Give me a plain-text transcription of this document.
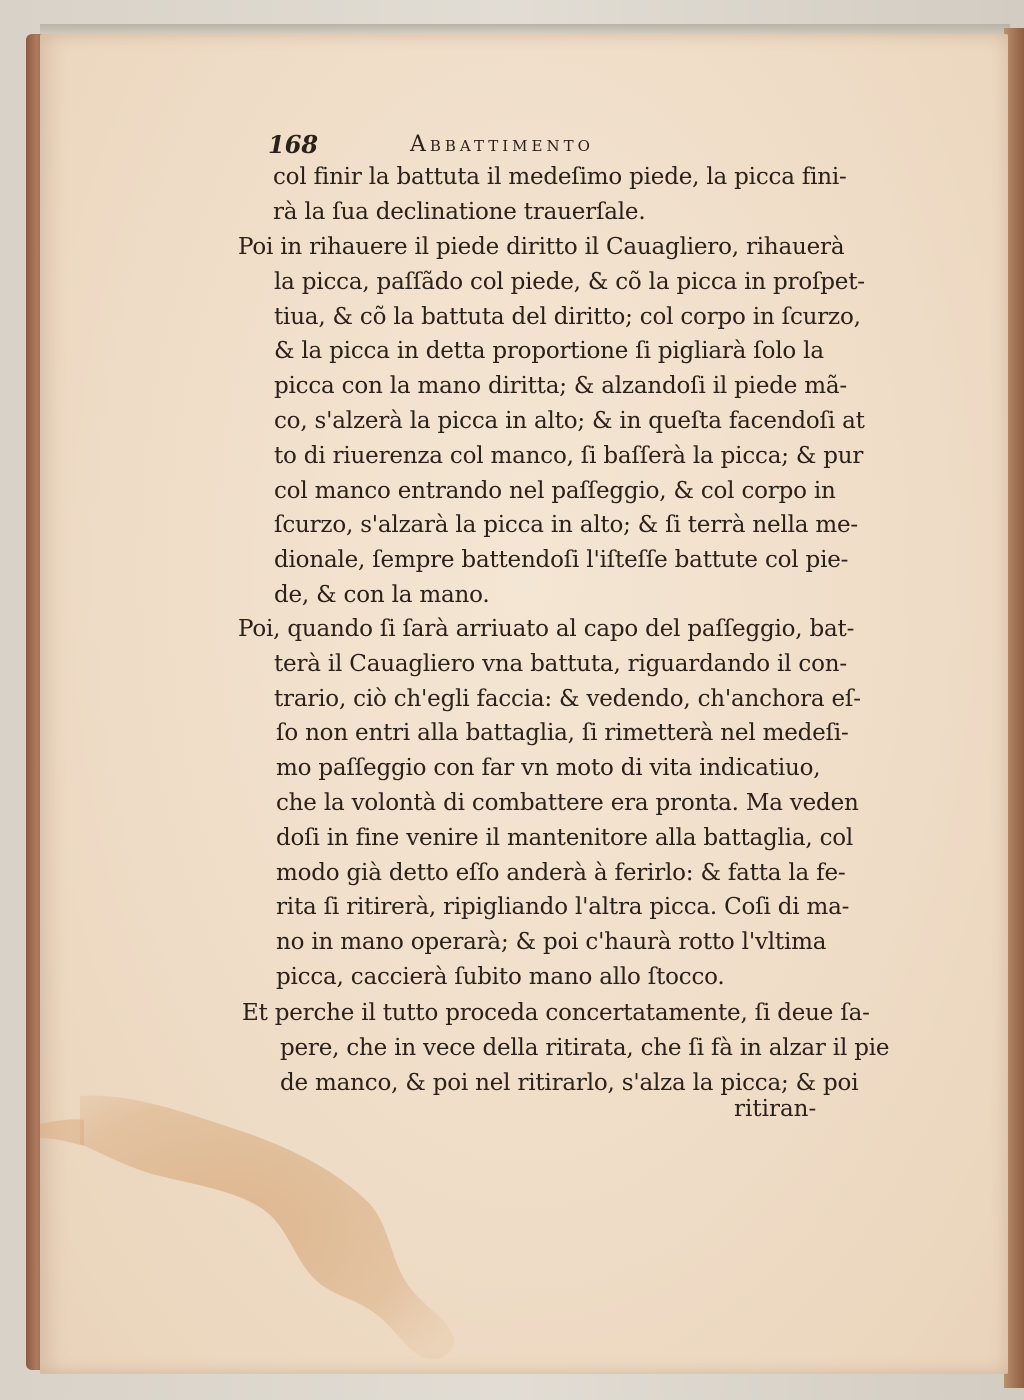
168	Abbattimento
col finir la battuta il medeſimo piede, la picca fini-
rà la ſua declinatione trauerſale.
Poi in rihauere il piede diritto il Cauagliero, rihauerà
la picca, paſſãdo col piede, & cõ la picca in proſpet-
tiua, & cõ la battuta del diritto; col corpo in ſcurzo,
& la picca in detta proportione ſi pigliarà ſolo la
picca con la mano diritta; & alzandoſi il piede mã-
co, s'alzerà la picca in alto; & in queſta facendoſi at
to di riuerenza col manco, ſi baſſerà la picca; & pur
col manco entrando nel paſſeggio, & col corpo in
ſcurzo, s'alzarà la picca in alto; & ſi terrà nella me-
dionale, ſempre battendoſi l'iſteſſe battute col pie-
de, & con la mano.
Poi, quando ſi ſarà arriuato al capo del paſſeggio, bat-
terà il Cauagliero vna battuta, riguardando il con-
trario, ciò ch'egli faccia: & vedendo, ch'anchora eſ-
ſo non entri alla battaglia, ſi rimetterà nel medeſi-
mo paſſeggio con far vn moto di vita indicatiuo,
che la volontà di combattere era pronta. Ma veden
doſi in fine venire il mantenitore alla battaglia, col
modo già detto eſſo anderà à ferirlo: & fatta la fe-
rita ſi ritirerà, ripigliando l'altra picca. Coſi di ma-
no in mano operarà; & poi c'haurà rotto l'vltima
picca, caccierà ſubito mano allo ſtocco.
Et perche il tutto proceda concertatamente, ſi deue ſa-
pere, che in vece della ritirata, che ſi fà in alzar il pie
de manco, & poi nel ritirarlo, s'alza la picca; & poi
ritiran-
